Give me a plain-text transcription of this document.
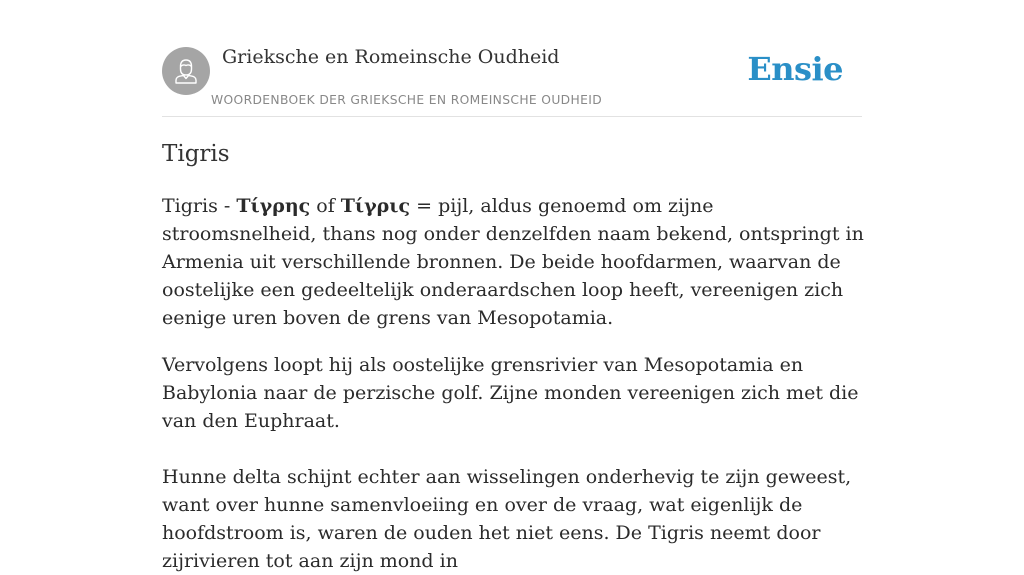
Grieksche en Romeinsche Oudheid
WOORDENBOEK DER GRIEKSCHE EN ROMEINSCHE OUDHEID
Ensie
Tigris

Tigris - Τίγρης of Τίγρις = pijl, aldus genoemd om zijne stroomsnelheid, thans nog onder denzelfden naam bekend, ontspringt in Armenia uit verschillende bronnen. De beide hoofdarmen, waarvan de oostelijke een gedeeltelijk onderaardschen loop heeft, vereenigen zich eenige uren boven de grens van Mesopotamia.

Vervolgens loopt hij als oostelijke grensrivier van Mesopotamia en Babylonia naar de perzische golf. Zijne monden vereenigen zich met die van den Euphraat.

Hunne delta schijnt echter aan wisselingen onderhevig te zijn geweest, want over hunne samenvloeiing en over de vraag, wat eigenlijk de hoofdstroom is, waren de ouden het niet eens. De Tigris neemt door zijrivieren tot aan zijn mond in
